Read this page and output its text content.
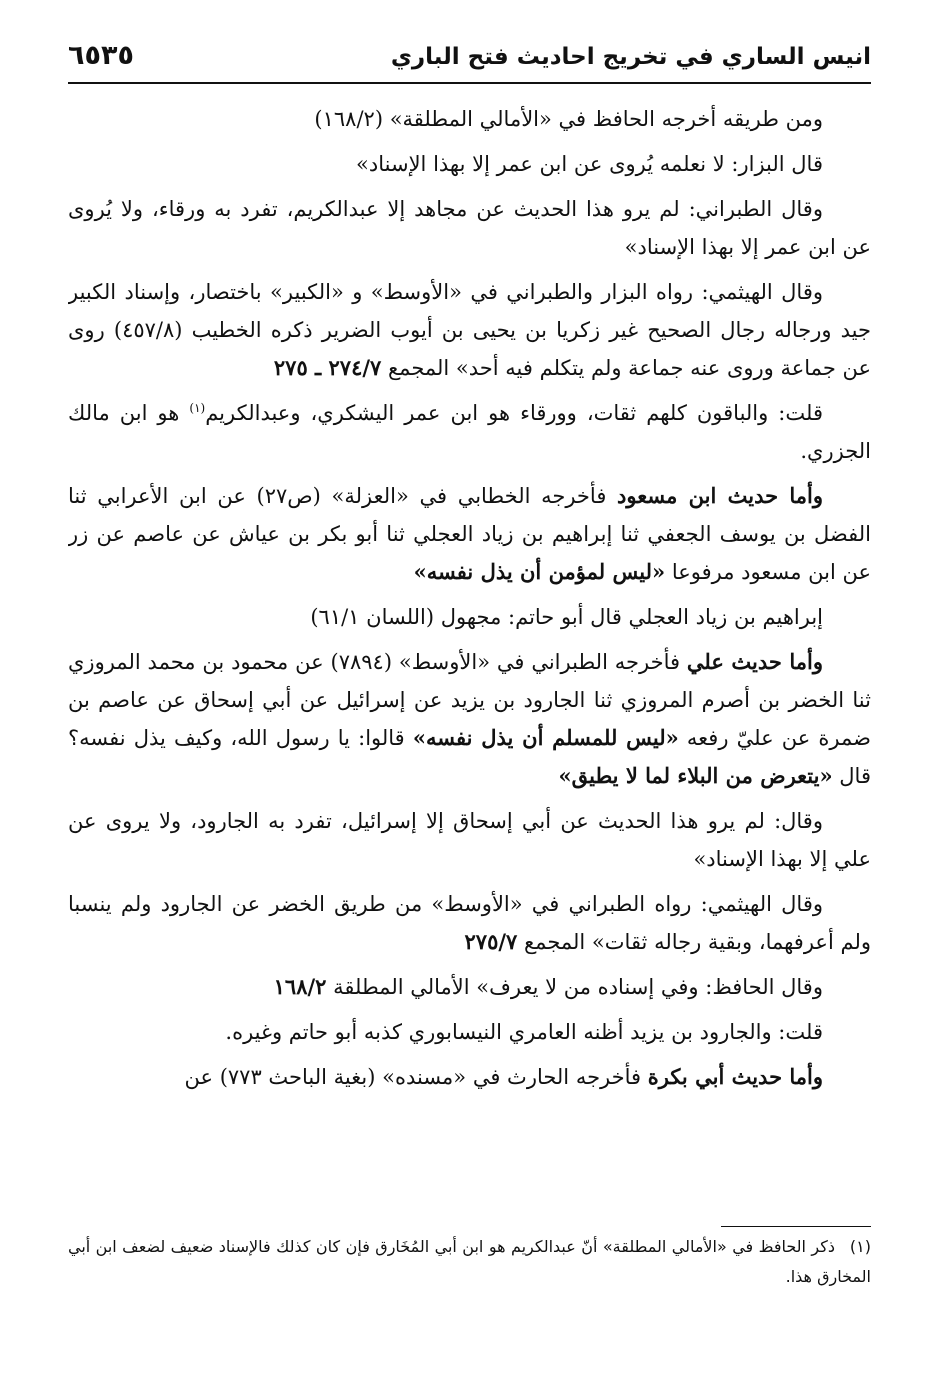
انيس الساري في تخريج احاديث فتح الباري
٦٥٣٥

ومن طريقه أخرجه الحافظ في «الأمالي المطلقة» (١٦٨/٢)

قال البزار: لا نعلمه يُروى عن ابن عمر إلا بهذا الإسناد»

وقال الطبراني: لم يرو هذا الحديث عن مجاهد إلا عبدالكريم، تفرد به ورقاء، ولا يُروى عن ابن عمر إلا بهذا الإسناد»

وقال الهيثمي: رواه البزار والطبراني في «الأوسط» و «الكبير» باختصار، وإسناد الكبير جيد ورجاله رجال الصحيح غير زكريا بن يحيى بن أيوب الضرير ذكره الخطيب (٤٥٧/٨) روى عن جماعة وروى عنه جماعة ولم يتكلم فيه أحد» المجمع ٢٧٤/٧ ـ ٢٧٥

قلت: والباقون كلهم ثقات، وورقاء هو ابن عمر اليشكري، وعبدالكريم$^{(١)}$ هو ابن مالك الجزري.

وأما حديث ابن مسعود فأخرجه الخطابي في «العزلة» (ص٢٧) عن ابن الأعرابي ثنا الفضل بن يوسف الجعفي ثنا إبراهيم بن زياد العجلي ثنا أبو بكر بن عياش عن عاصم عن زر عن ابن مسعود مرفوعا «ليس لمؤمن أن يذل نفسه»

إبراهيم بن زياد العجلي قال أبو حاتم: مجهول (اللسان ٦١/١)

وأما حديث علي فأخرجه الطبراني في «الأوسط» (٧٨٩٤) عن محمود بن محمد المروزي ثنا الخضر بن أصرم المروزي ثنا الجارود بن يزيد عن إسرائيل عن أبي إسحاق عن عاصم بن ضمرة عن عليّ رفعه «ليس للمسلم أن يذل نفسه» قالوا: يا رسول الله، وكيف يذل نفسه؟ قال «يتعرض من البلاء لما لا يطيق»

وقال: لم يرو هذا الحديث عن أبي إسحاق إلا إسرائيل، تفرد به الجارود، ولا يروى عن علي إلا بهذا الإسناد»

وقال الهيثمي: رواه الطبراني في «الأوسط» من طريق الخضر عن الجارود ولم ينسبا ولم أعرفهما، وبقية رجاله ثقات» المجمع ٢٧٥/٧

وقال الحافظ: وفي إسناده من لا يعرف» الأمالي المطلقة ١٦٨/٢

قلت: والجارود بن يزيد أظنه العامري النيسابوري كذبه أبو حاتم وغيره.

وأما حديث أبي بكرة فأخرجه الحارث في «مسنده» (بغية الباحث ٧٧٣) عن

(١)ذكر الحافظ في «الأمالي المطلقة» أنّ عبدالكريم هو ابن أبي المُخَارق فإن كان كذلك فالإسناد ضعيف لضعف ابن أبي المخارق هذا.
